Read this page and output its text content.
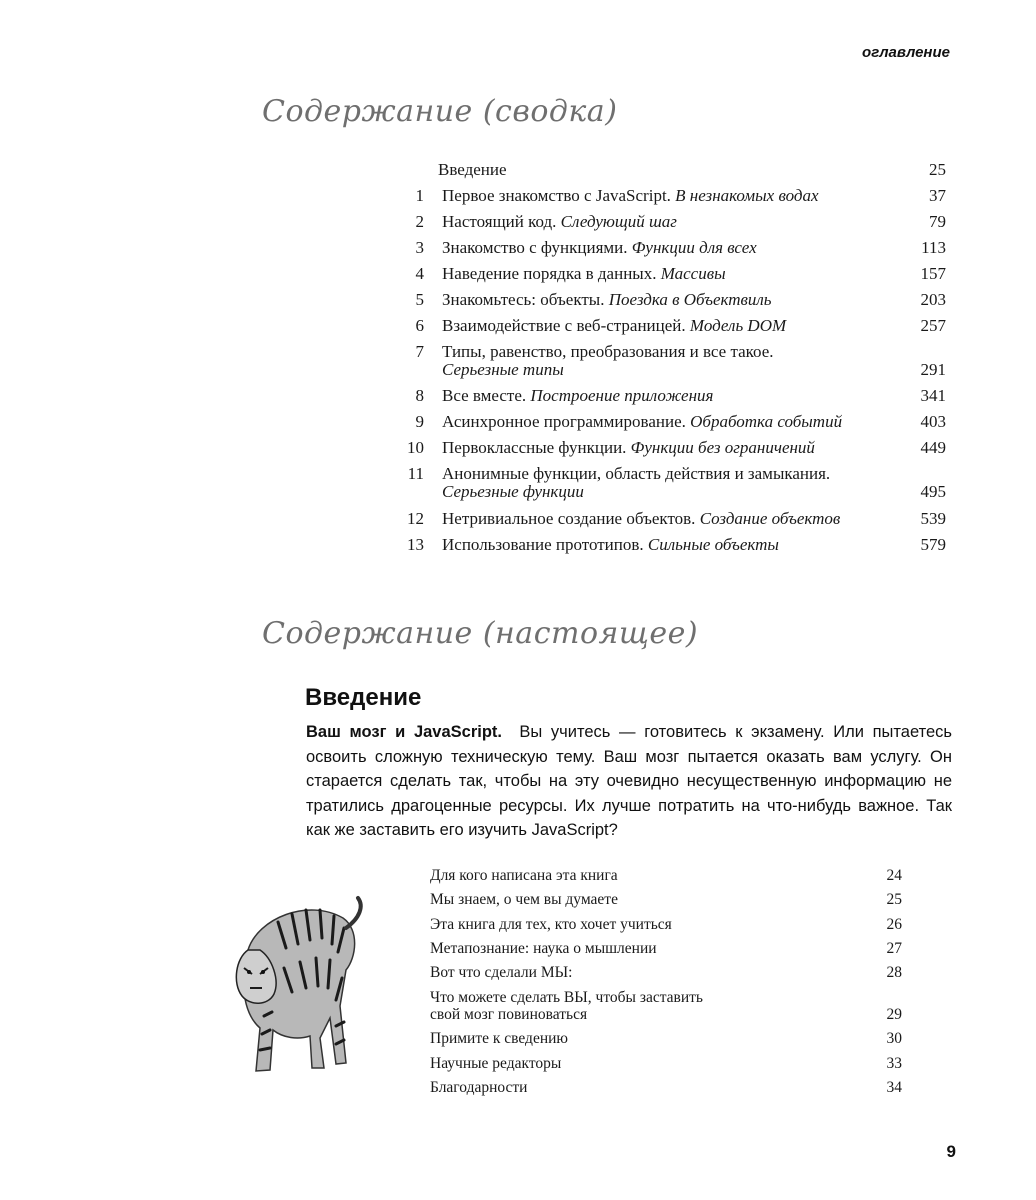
оглавление
Содержание (сводка)
Введение	25
1 Первое знакомство с JavaScript. В незнакомых водах	37
2 Настоящий код. Следующий шаг	79
3 Знакомство с функциями. Функции для всех	113
4 Наведение порядка в данных. Массивы	157
5 Знакомьтесь: объекты. Поездка в Объектвиль	203
6 Взаимодействие с веб-страницей. Модель DOM	257
7 Типы, равенство, преобразования и все такое.
Серьезные типы	291
8 Все вместе. Построение приложения	341
9 Асинхронное программирование. Обработка событий	403
10 Первоклассные функции. Функции без ограничений	449
11 Анонимные функции, область действия и замыкания.
Серьезные функции	495
12 Нетривиальное создание объектов. Создание объектов	539
13 Использование прототипов. Сильные объекты	579
Содержание (настоящее)
Введение
Ваш мозг и JavaScript. Вы учитесь — готовитесь к экзамену. Или пытаетесь освоить сложную техническую тему. Ваш мозг пытается оказать вам услугу. Он старается сделать так, чтобы на эту очевидно несущественную информацию не тратились драгоценные ресурсы. Их лучше потратить на что-нибудь важное. Так как же заставить его изучить JavaScript?
Для кого написана эта книга	24
Мы знаем, о чем вы думаете	25
Эта книга для тех, кто хочет учиться	26
Метапознание: наука о мышлении	27
Вот что сделали МЫ:	28
Что можете сделать ВЫ, чтобы заставить
свой мозг повиноваться	29
Примите к сведению	30
Научные редакторы	33
Благодарности	34
9
